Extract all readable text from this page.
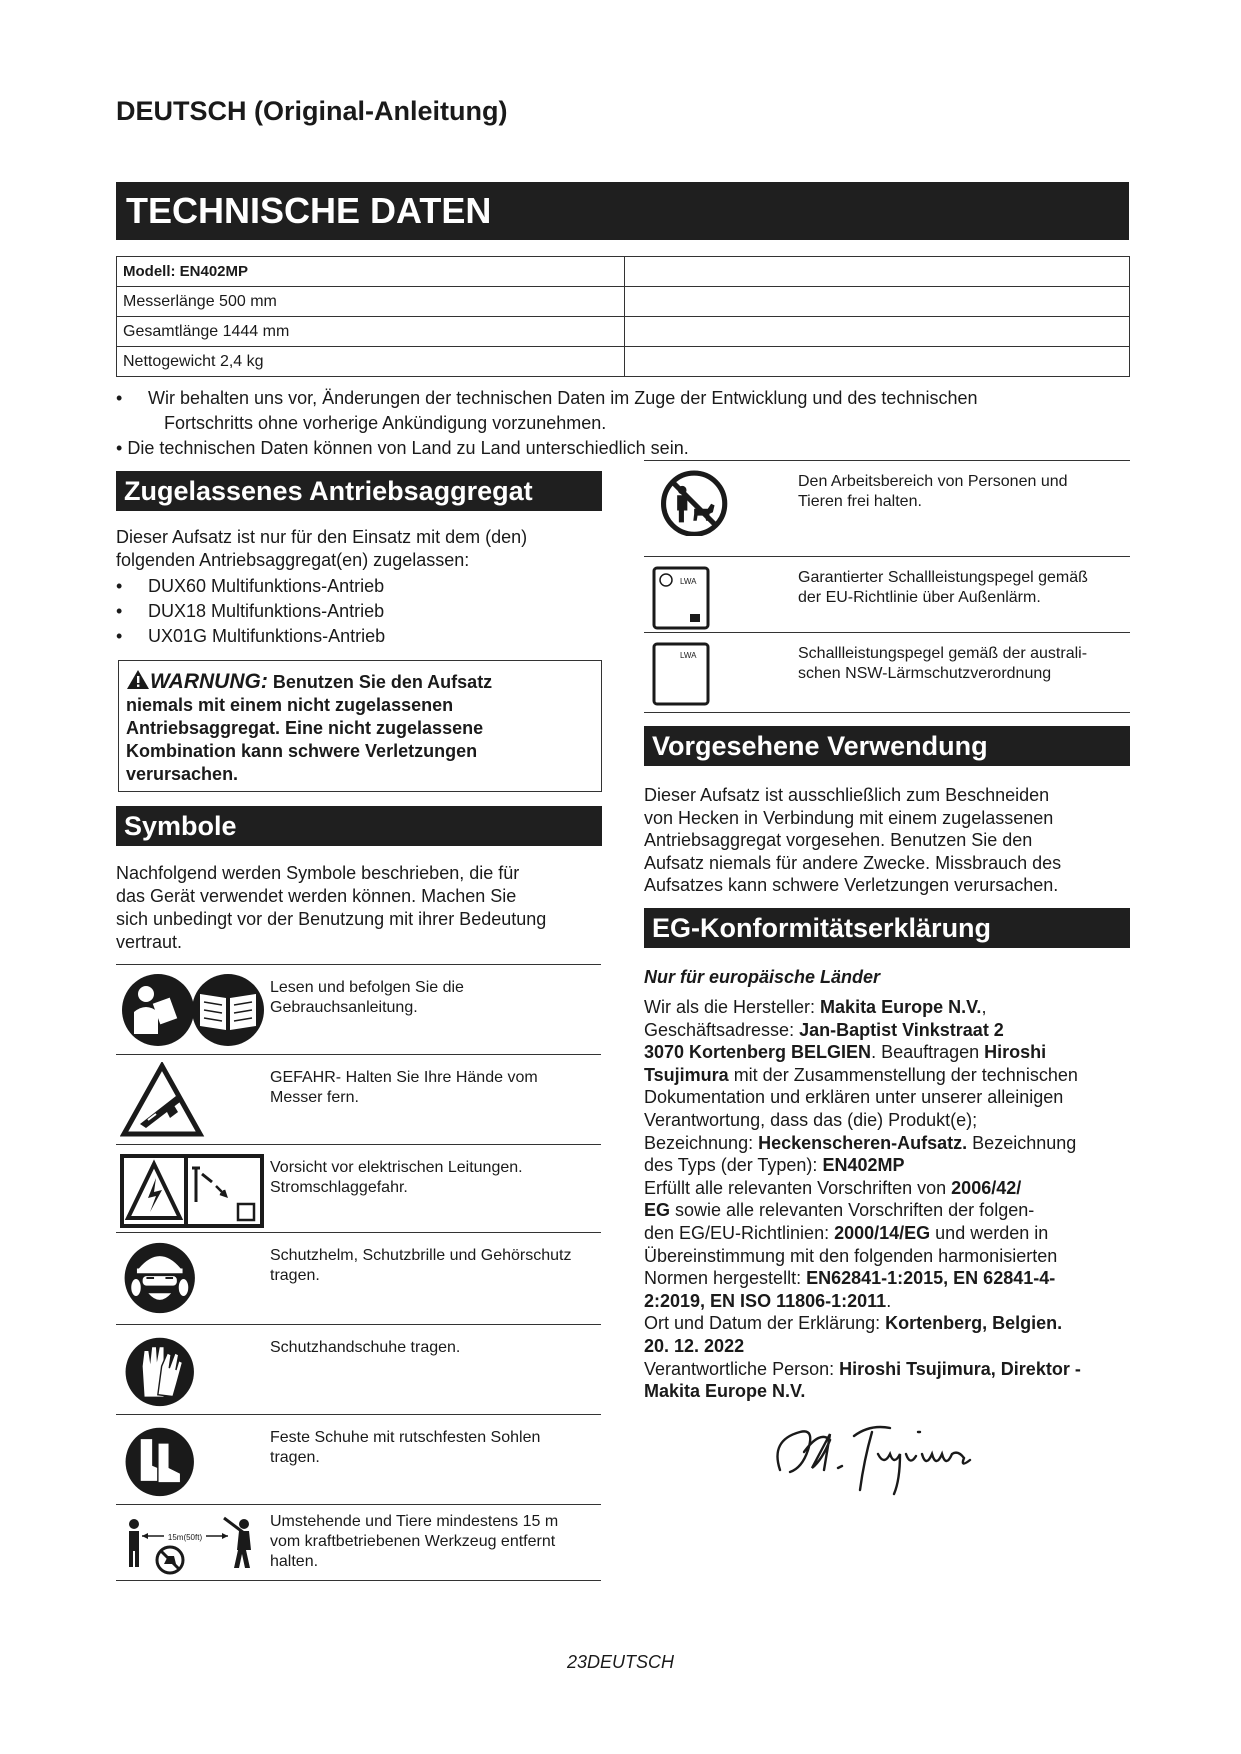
DEUTSCH (Original-Anleitung)
TECHNISCHE DATEN
Modell: EN402MP	
Messerlänge 500 mm	
Gesamtlänge 1444 mm	
Nettogewicht 2,4 kg	
•	Wir behalten uns vor, Änderungen der technischen Daten im Zuge der Entwicklung und des technischen
Fortschritts ohne vorherige Ankündigung vorzunehmen.
• Die technischen Daten können von Land zu Land unterschiedlich sein.
Zugelassenes Antriebsaggregat
Dieser Aufsatz ist nur für den Einsatz mit dem (den)
folgenden Antriebsaggregat(en) zugelassen:
• DUX60 Multifunktions-Antrieb
• DUX18 Multifunktions-Antrieb
• UX01G Multifunktions-Antrieb
WARNUNG: Benutzen Sie den Aufsatz
niemals mit einem nicht zugelassenen
Antriebsaggregat. Eine nicht zugelassene
Kombination kann schwere Verletzungen
verursachen.
Symbole
Nachfolgend werden Symbole beschrieben, die für
das Gerät verwendet werden können. Machen Sie
sich unbedingt vor der Benutzung mit ihrer Bedeutung
vertraut.
Lesen und befolgen Sie die
Gebrauchsanleitung.
GEFAHR- Halten Sie Ihre Hände vom
Messer fern.
Vorsicht vor elektrischen Leitungen.
Stromschlaggefahr.
Schutzhelm, Schutzbrille und Gehörschutz
tragen.
Schutzhandschuhe tragen.
Feste Schuhe mit rutschfesten Sohlen
tragen.
15m(50ft)
Umstehende und Tiere mindestens 15 m
vom kraftbetriebenen Werkzeug entfernt
halten.
Den Arbeitsbereich von Personen und
Tieren frei halten.
LWA	Garantierter Schallleistungspegel gemäß
der EU-Richtlinie über Außenlärm.
LWA	Schallleistungspegel gemäß der australi-
schen NSW-Lärmschutzverordnung
Vorgesehene Verwendung
Dieser Aufsatz ist ausschließlich zum Beschneiden
von Hecken in Verbindung mit einem zugelassenen
Antriebsaggregat vorgesehen. Benutzen Sie den
Aufsatz niemals für andere Zwecke. Missbrauch des
Aufsatzes kann schwere Verletzungen verursachen.
EG-Konformitätserklärung
Nur für europäische Länder
Wir als die Hersteller: Makita Europe N.V.,
Geschäftsadresse: Jan-Baptist Vinkstraat 2
3070 Kortenberg BELGIEN. Beauftragen Hiroshi
Tsujimura mit der Zusammenstellung der technischen
Dokumentation und erklären unter unserer alleinigen
Verantwortung, dass das (die) Produkt(e);
Bezeichnung: Heckenscheren-Aufsatz. Bezeichnung
des Typs (der Typen): EN402MP
Erfüllt alle relevanten Vorschriften von 2006/42/
EG sowie alle relevanten Vorschriften der folgen-
den EG/EU-Richtlinien: 2000/14/EG und werden in
Übereinstimmung mit den folgenden harmonisierten
Normen hergestellt: EN62841-1:2015, EN 62841-4-
2:2019, EN ISO 11806-1:2011.
Ort und Datum der Erklärung: Kortenberg, Belgien.
20. 12. 2022
Verantwortliche Person: Hiroshi Tsujimura, Direktor -
Makita Europe N.V.
23DEUTSCH
